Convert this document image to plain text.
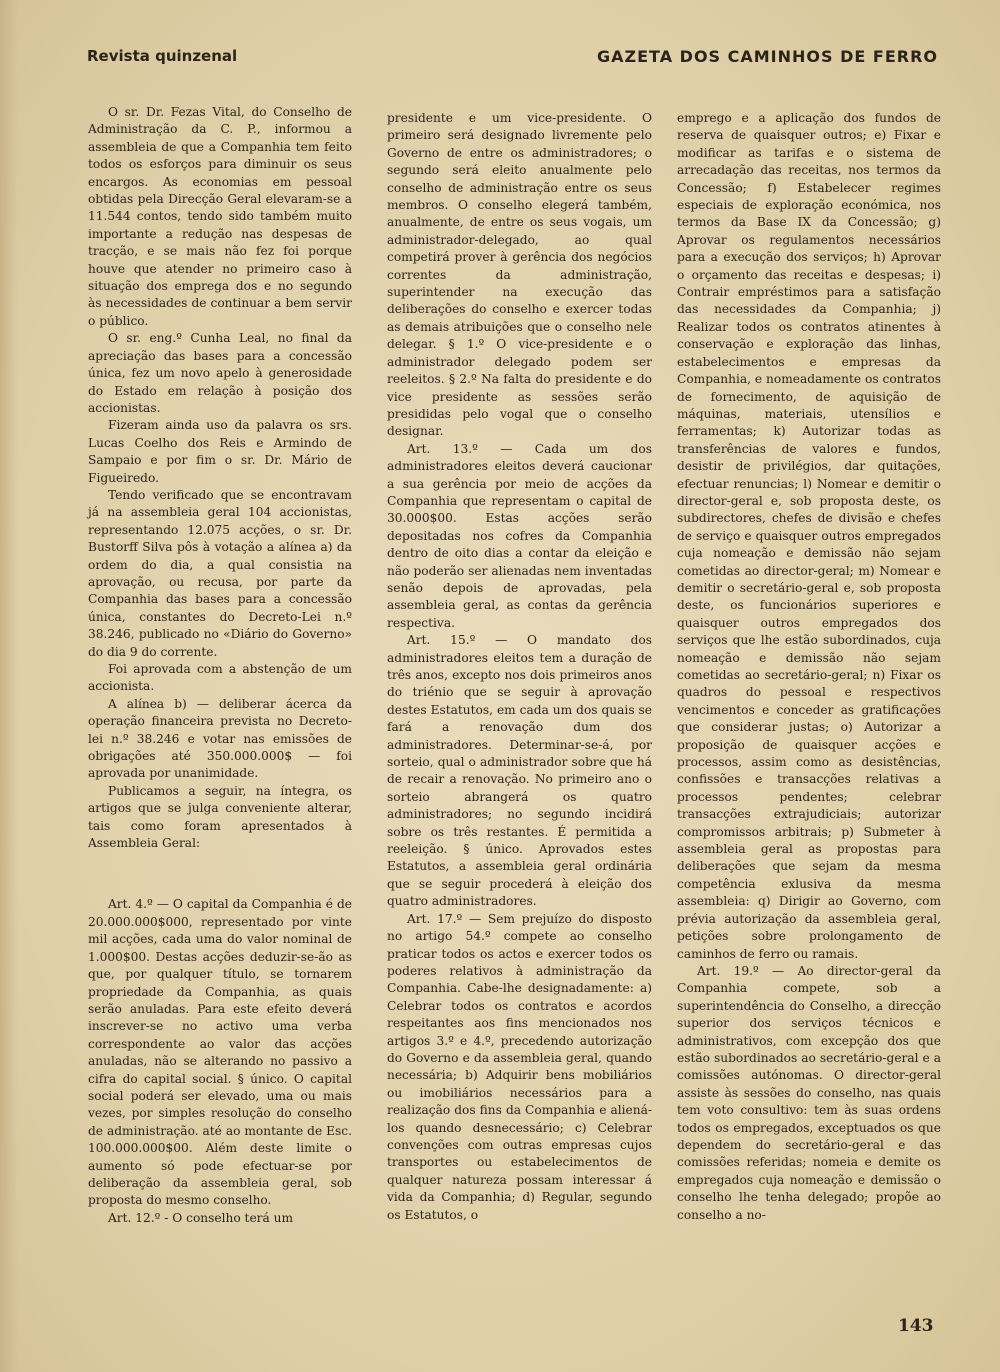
Revista quinzenal	GAZETA DOS CAMINHOS DE FERRO

O sr. Dr. Fezas Vital, do Conselho de Administração da C. P., informou a assembleia de que a Companhia tem feito todos os esforços para diminuir os seus encargos. As economias em pessoal obtidas pela Direcção Geral elevaram-se a 11.544 contos, tendo sido também muito importante a redução nas despesas de tracção, e se mais não fez foi porque houve que atender no primeiro caso à situação dos emprega dos e no segundo às necessidades de continuar a bem servir o público.

O sr. eng.º Cunha Leal, no final da apreciação das bases para a concessão única, fez um novo apelo à generosidade do Estado em relação à posição dos accionistas.

Fizeram ainda uso da palavra os srs. Lucas Coelho dos Reis e Armindo de Sampaio e por fim o sr. Dr. Mário de Figueiredo.

Tendo verificado que se encontravam já na assembleia geral 104 accionistas, representando 12.075 acções, o sr. Dr. Bustorff Silva pôs à votação a alínea a) da ordem do dia, a qual consistia na aprovação, ou recusa, por parte da Companhia das bases para a concessão única, constantes do Decreto-Lei n.º 38.246, publicado no «Diário do Governo» do dia 9 do corrente.

Foi aprovada com a abstenção de um accionista.

A alínea b) — deliberar ácerca da operação financeira prevista no Decreto-lei n.º 38.246 e votar nas emissões de obrigações até 350.000.000$ — foi aprovada por unanimidade.

Publicamos a seguir, na íntegra, os artigos que se julga conveniente alterar, tais como foram apresentados à Assembleia Geral:

Art. 4.º — O capital da Companhia é de 20.000.000$000, representado por vinte mil acções, cada uma do valor nominal de 1.000$00. Destas acções deduzir-se-ão as que, por qualquer título, se tornarem propriedade da Companhia, as quais serão anuladas. Para este efeito deverá inscrever-se no activo uma verba correspondente ao valor das acções anuladas, não se alterando no passivo a cifra do capital social. § único. O capital social poderá ser elevado, uma ou mais vezes, por simples resolução do conselho de administração. até ao montante de Esc. 100.000.000$00. Além deste limite o aumento só pode efectuar-se por deliberação da assembleia geral, sob proposta do mesmo conselho.

Art. 12.º - O conselho terá um

presidente e um vice-presidente. O primeiro será designado livremente pelo Governo de entre os administradores; o segundo será eleito anualmente pelo conselho de administração entre os seus membros. O conselho elegerá também, anualmente, de entre os seus vogais, um administrador-delegado, ao qual competirá prover à gerência dos negócios correntes da administração, superintender na execução das deliberações do conselho e exercer todas as demais atribuições que o conselho nele delegar. § 1.º O vice-presidente e o administrador delegado podem ser reeleitos. § 2.º Na falta do presidente e do vice presidente as sessões serão presididas pelo vogal que o conselho designar.

Art. 13.º — Cada um dos administradores eleitos deverá caucionar a sua gerência por meio de acções da Companhia que representam o capital de 30.000$00. Estas acções serão depositadas nos cofres da Companhia dentro de oito dias a contar da eleição e não poderão ser alienadas nem inventadas senão depois de aprovadas, pela assembleia geral, as contas da gerência respectiva.

Art. 15.º — O mandato dos administradores eleitos tem a duração de três anos, excepto nos dois primeiros anos do triénio que se seguir à aprovação destes Estatutos, em cada um dos quais se fará a renovação dum dos administradores. Determinar-se-á, por sorteio, qual o administrador sobre que há de recair a renovação. No primeiro ano o sorteio abrangerá os quatro administradores; no segundo incidirá sobre os três restantes. É permitida a reeleição. § único. Aprovados estes Estatutos, a assembleia geral ordinária que se seguir procederá à eleição dos quatro administradores.

Art. 17.º — Sem prejuízo do disposto no artigo 54.º compete ao conselho praticar todos os actos e exercer todos os poderes relativos à administração da Companhia. Cabe-lhe designadamente: a) Celebrar todos os contratos e acordos respeitantes aos fins mencionados nos artigos 3.º e 4.º, precedendo autorização do Governo e da assembleia geral, quando necessária; b) Adquirir bens mobiliários ou imobiliários necessários para a realização dos fins da Companhia e aliená-los quando desnecessário; c) Celebrar convenções com outras empresas cujos transportes ou estabelecimentos de qualquer natureza possam interessar á vida da Companhia; d) Regular, segundo os Estatutos, o

emprego e a aplicação dos fundos de reserva de quaisquer outros; e) Fixar e modificar as tarifas e o sistema de arrecadação das receitas, nos termos da Concessão; f) Estabelecer regimes especiais de exploração económica, nos termos da Base IX da Concessão; g) Aprovar os regulamentos necessários para a execução dos serviços; h) Aprovar o orçamento das receitas e despesas; i) Contrair empréstimos para a satisfação das necessidades da Companhia; j) Realizar todos os contratos atinentes à conservação e exploração das linhas, estabelecimentos e empresas da Companhia, e nomeadamente os contratos de fornecimento, de aquisição de máquinas, materiais, utensílios e ferramentas; k) Autorizar todas as transferências de valores e fundos, desistir de privilégios, dar quitações, efectuar renuncias; l) Nomear e demitir o director-geral e, sob proposta deste, os subdirectores, chefes de divisão e chefes de serviço e quaisquer outros empregados cuja nomeação e demissão não sejam cometidas ao director-geral; m) Nomear e demitir o secretário-geral e, sob proposta deste, os funcionários superiores e quaisquer outros empregados dos serviços que lhe estão subordinados, cuja nomeação e demissão não sejam cometidas ao secretário-geral; n) Fixar os quadros do pessoal e respectivos vencimentos e conceder as gratificações que considerar justas; o) Autorizar a proposição de quaisquer acções e processos, assim como as desistências, confissões e transacções relativas a processos pendentes; celebrar transacções extrajudiciais; autorizar compromissos arbitrais; p) Submeter à assembleia geral as propostas para deliberações que sejam da mesma competência exlusiva da mesma assembleia: q) Dirigir ao Governo, com prévia autorização da assembleia geral, petições sobre prolongamento de caminhos de ferro ou ramais.

Art. 19.º — Ao director-geral da Companhia compete, sob a superintendência do Conselho, a direcção superior dos serviços técnicos e administrativos, com excepção dos que estão subordinados ao secretário-geral e a comissões autónomas. O director-geral assiste às sessões do conselho, nas quais tem voto consultivo: tem às suas ordens todos os empregados, exceptuados os que dependem do secretário-geral e das comissões referidas; nomeia e demite os empregados cuja nomeação e demissão o conselho lhe tenha delegado; propõe ao conselho a no-

143
